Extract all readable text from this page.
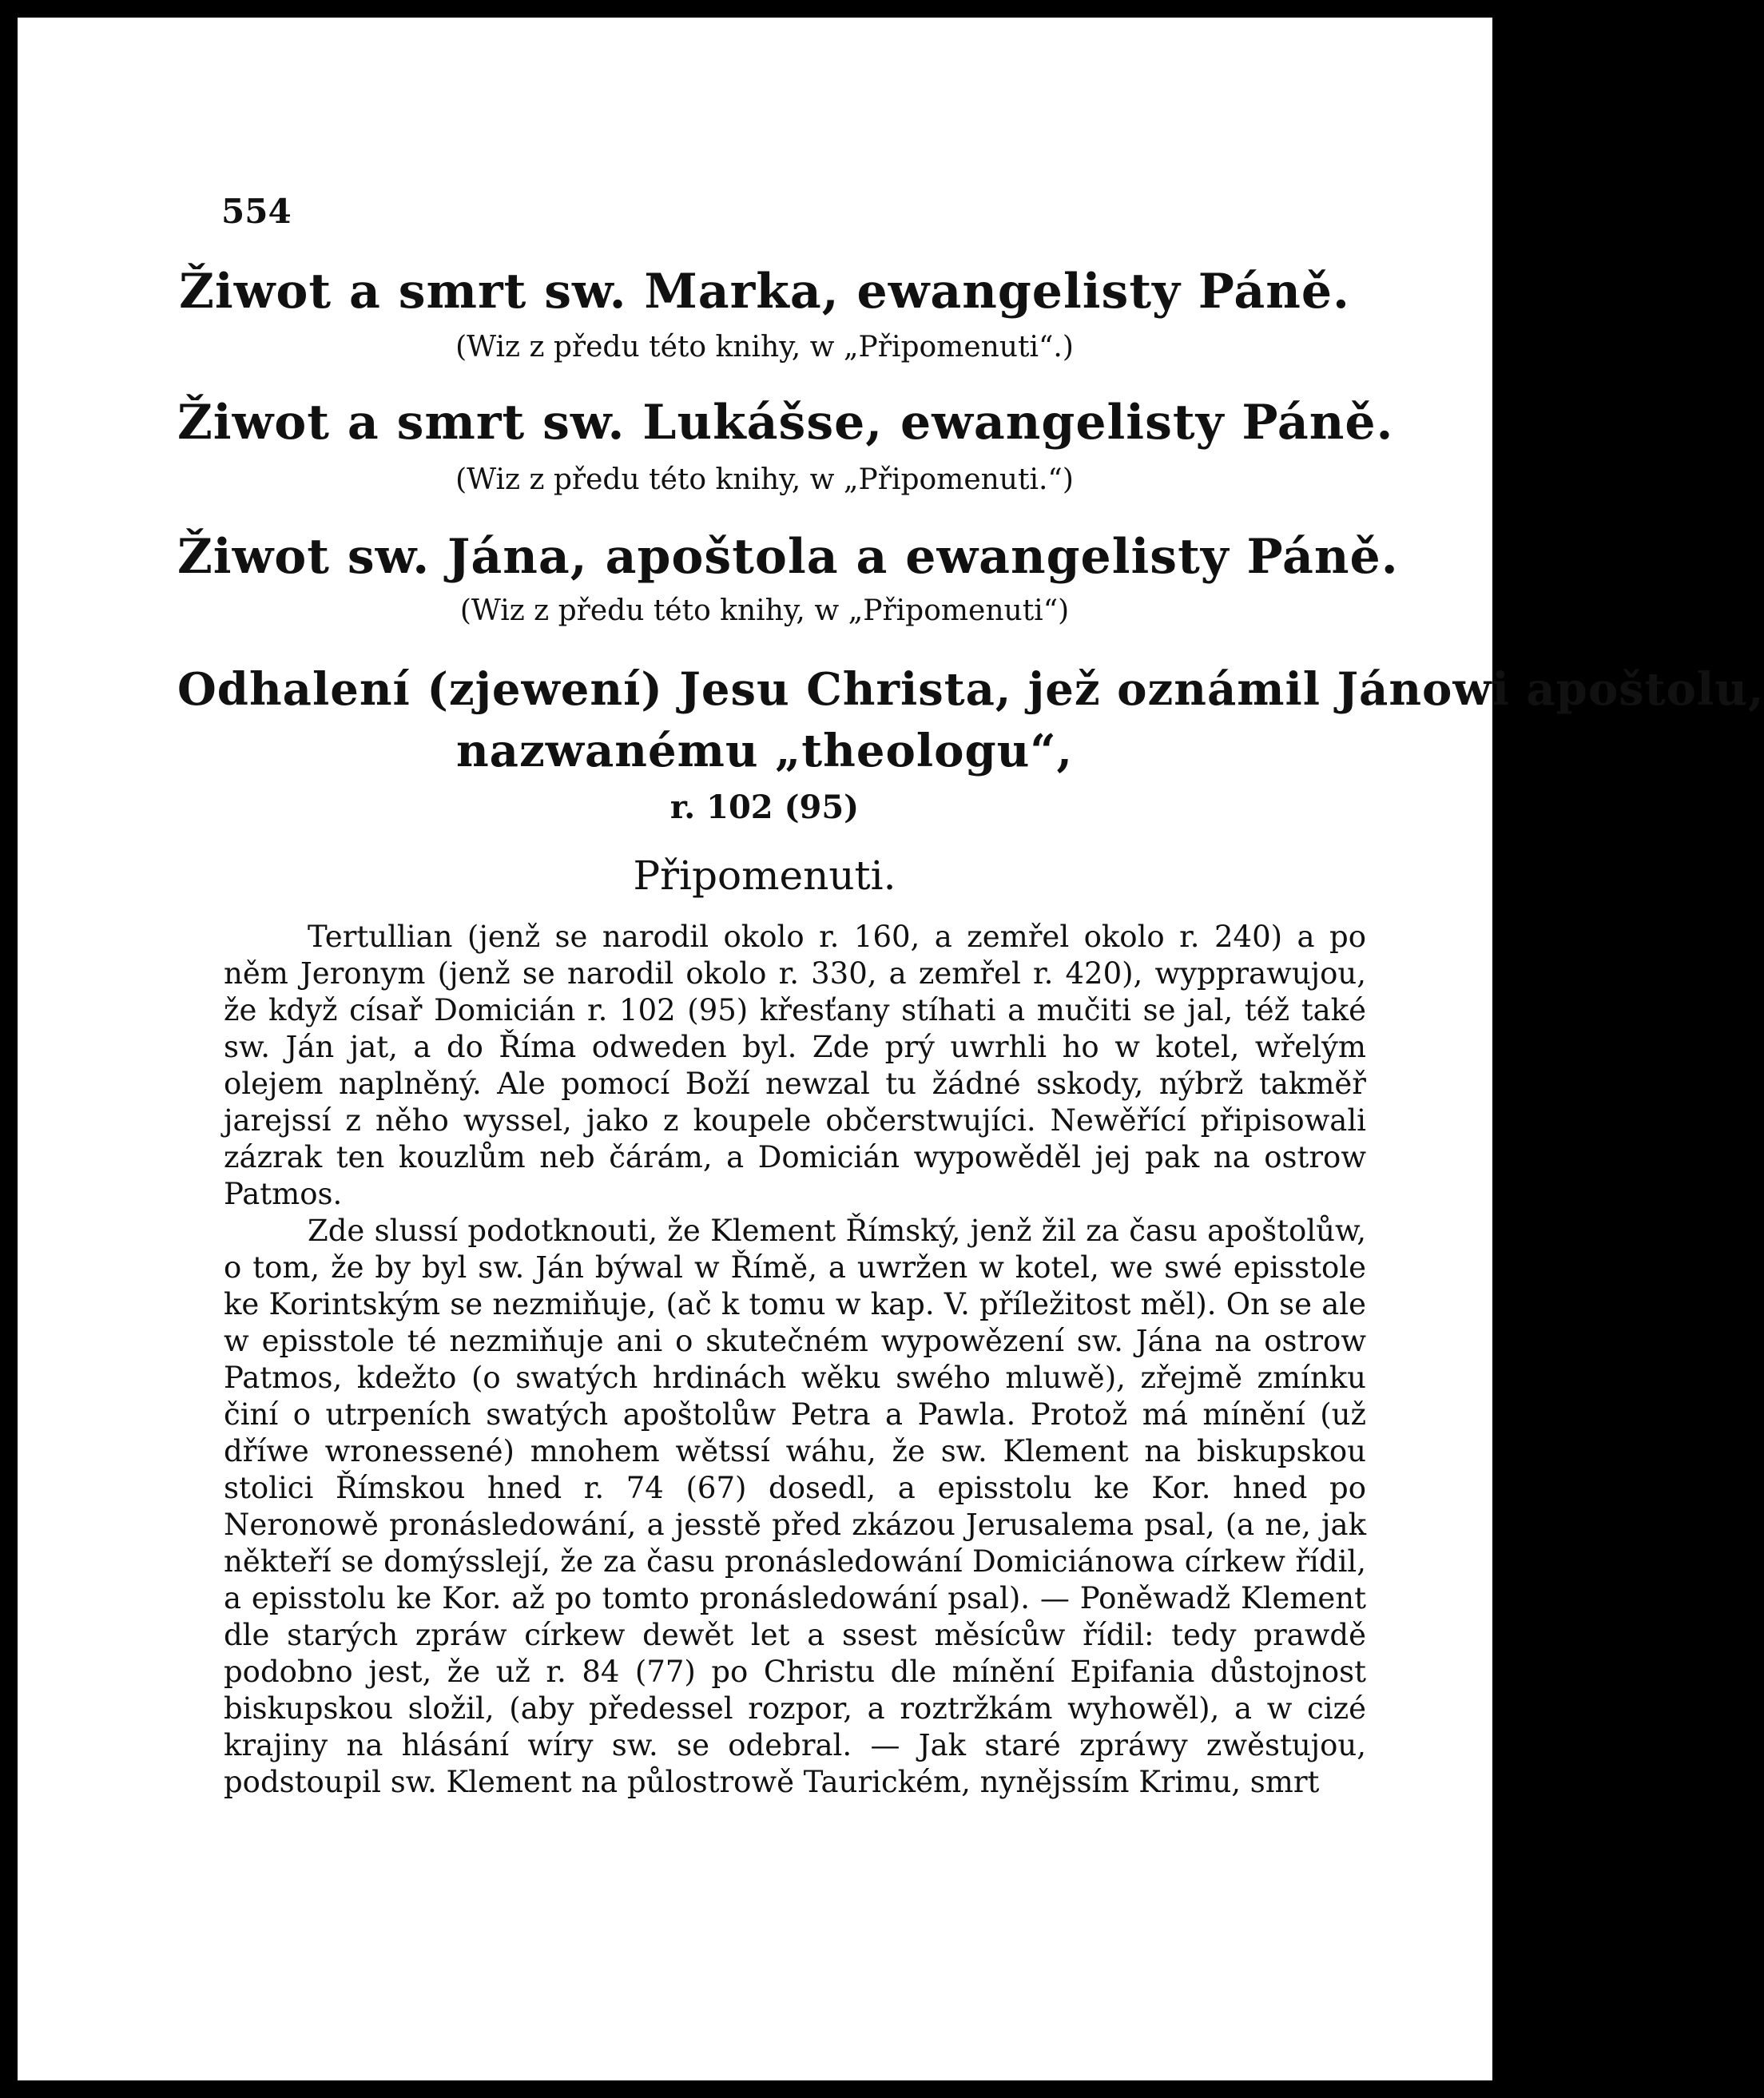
554
Žiwot a smrt sw. Marka, ewangelisty Páně.
(Wiz z předu této knihy, w „Připomenuti“.)
Žiwot a smrt sw. Lukášse, ewangelisty Páně.
(Wiz z předu této knihy, w „Připomenuti.“)
Žiwot sw. Jána, apoštola a ewangelisty Páně.
(Wiz z předu této knihy, w „Připomenuti“)
Odhalení (zjewení) Jesu Christa, jež oznámil Jánowi apoštolu,
nazwanému „theologu“,
r. 102 (95)
Připomenuti.

Tertullian (jenž se narodil okolo r. 160, a zemřel okolo r. 240) a po něm Jeronym (jenž se narodil okolo r. 330, a zemřel r. 420), wypprawujou, že když císař Domicián r. 102 (95) křesťany stíhati a mučiti se jal, též také sw. Ján jat, a do Říma odweden byl. Zde prý uwrhli ho w kotel, wřelým olejem naplněný. Ale pomocí Boží newzal tu žádné sskody, nýbrž takměř jarejssí z něho wyssel, jako z koupele občerstwujíci. Newěřící připisowali zázrak ten kouzlům neb čárám, a Domicián wypowěděl jej pak na ostrow Patmos.

Zde slussí podotknouti, že Klement Římský, jenž žil za času apoštolůw, o tom, že by byl sw. Ján býwal w Římě, a uwržen w kotel, we swé episstole ke Korintským se nezmiňuje, (ač k tomu w kap. V. příležitost měl). On se ale w episstole té nezmiňuje ani o skutečném wypowězení sw. Jána na ostrow Patmos, kdežto (o swatých hrdinách wěku swého mluwě), zřejmě zmínku činí o utrpeních swatých apoštolůw Petra a Pawla. Protož má mínění (už dříwe wronessené) mnohem wětssí wáhu, že sw. Klement na biskupskou stolici Římskou hned r. 74 (67) dosedl, a episstolu ke Kor. hned po Neronowě pronásledowání, a jesstě před zkázou Jerusalema psal, (a ne, jak někteří se domýsslejí, že za času pronásledowání Domiciánowa církew řídil, a episstolu ke Kor. až po tomto pronásledowání psal). — Poněwadž Klement dle starých zpráw církew dewět let a ssest měsícůw řídil: tedy prawdě podobno jest, že už r. 84 (77) po Christu dle mínění Epifania důstojnost biskupskou složil, (aby předessel rozpor, a roztržkám wyhowěl), a w cizé krajiny na hlásání wíry sw. se odebral. — Jak staré zpráwy zwěstujou, podstoupil sw. Klement na půlostrowě Taurickém, nynějssím Krimu, smrt
